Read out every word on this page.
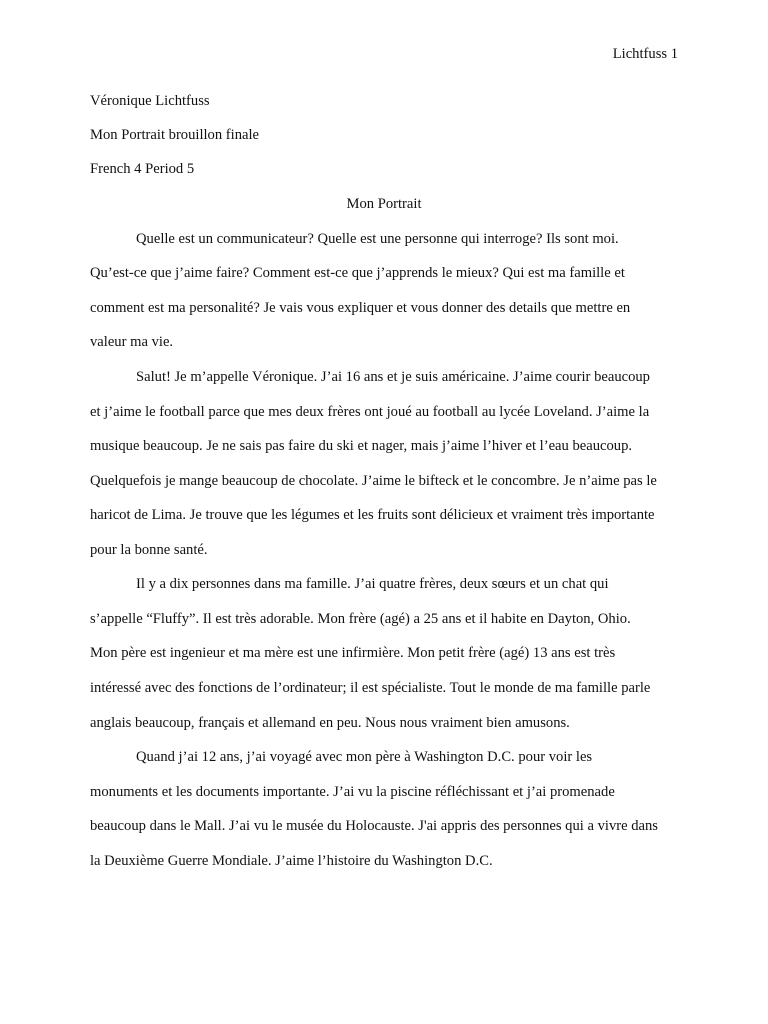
Lichtfuss 1
Véronique Lichtfuss
Mon Portrait brouillon finale
French 4 Period 5
Mon Portrait
Quelle est un communicateur? Quelle est une personne qui interroge? Ils sont moi.
Qu’est-ce que j’aime faire? Comment est-ce que j’apprends le mieux? Qui est ma famille et
comment est ma personalité? Je vais vous expliquer et vous donner des details que mettre en
valeur ma vie.
Salut! Je m’appelle Véronique. J’ai 16 ans et je suis américaine. J’aime courir beaucoup
et j’aime le football parce que mes deux frères ont joué au football au lycée Loveland. J’aime la
musique beaucoup. Je ne sais pas faire du ski et nager, mais j’aime l’hiver et l’eau beaucoup.
Quelquefois je mange beaucoup de chocolate. J’aime le bifteck et le concombre. Je n’aime pas le
haricot de Lima. Je trouve que les légumes et les fruits sont délicieux et vraiment très importante
pour la bonne santé.
Il y a dix personnes dans ma famille. J’ai quatre frères, deux sœurs et un chat qui
s’appelle “Fluffy”. Il est très adorable. Mon frère (agé) a 25 ans et il habite en Dayton, Ohio.
Mon père est ingenieur et ma mère est une infirmière. Mon petit frère (agé) 13 ans est très
intéressé avec des fonctions de l’ordinateur; il est spécialiste. Tout le monde de ma famille parle
anglais beaucoup, français et allemand en peu. Nous nous vraiment bien amusons.
Quand j’ai 12 ans, j’ai voyagé avec mon père à Washington D.C. pour voir les
monuments et les documents importante. J’ai vu la piscine réfléchissant et j’ai promenade
beaucoup dans le Mall. J’ai vu le musée du Holocauste. J'ai appris des personnes qui a vivre dans
la Deuxième Guerre Mondiale. J’aime l’histoire du Washington D.C.
